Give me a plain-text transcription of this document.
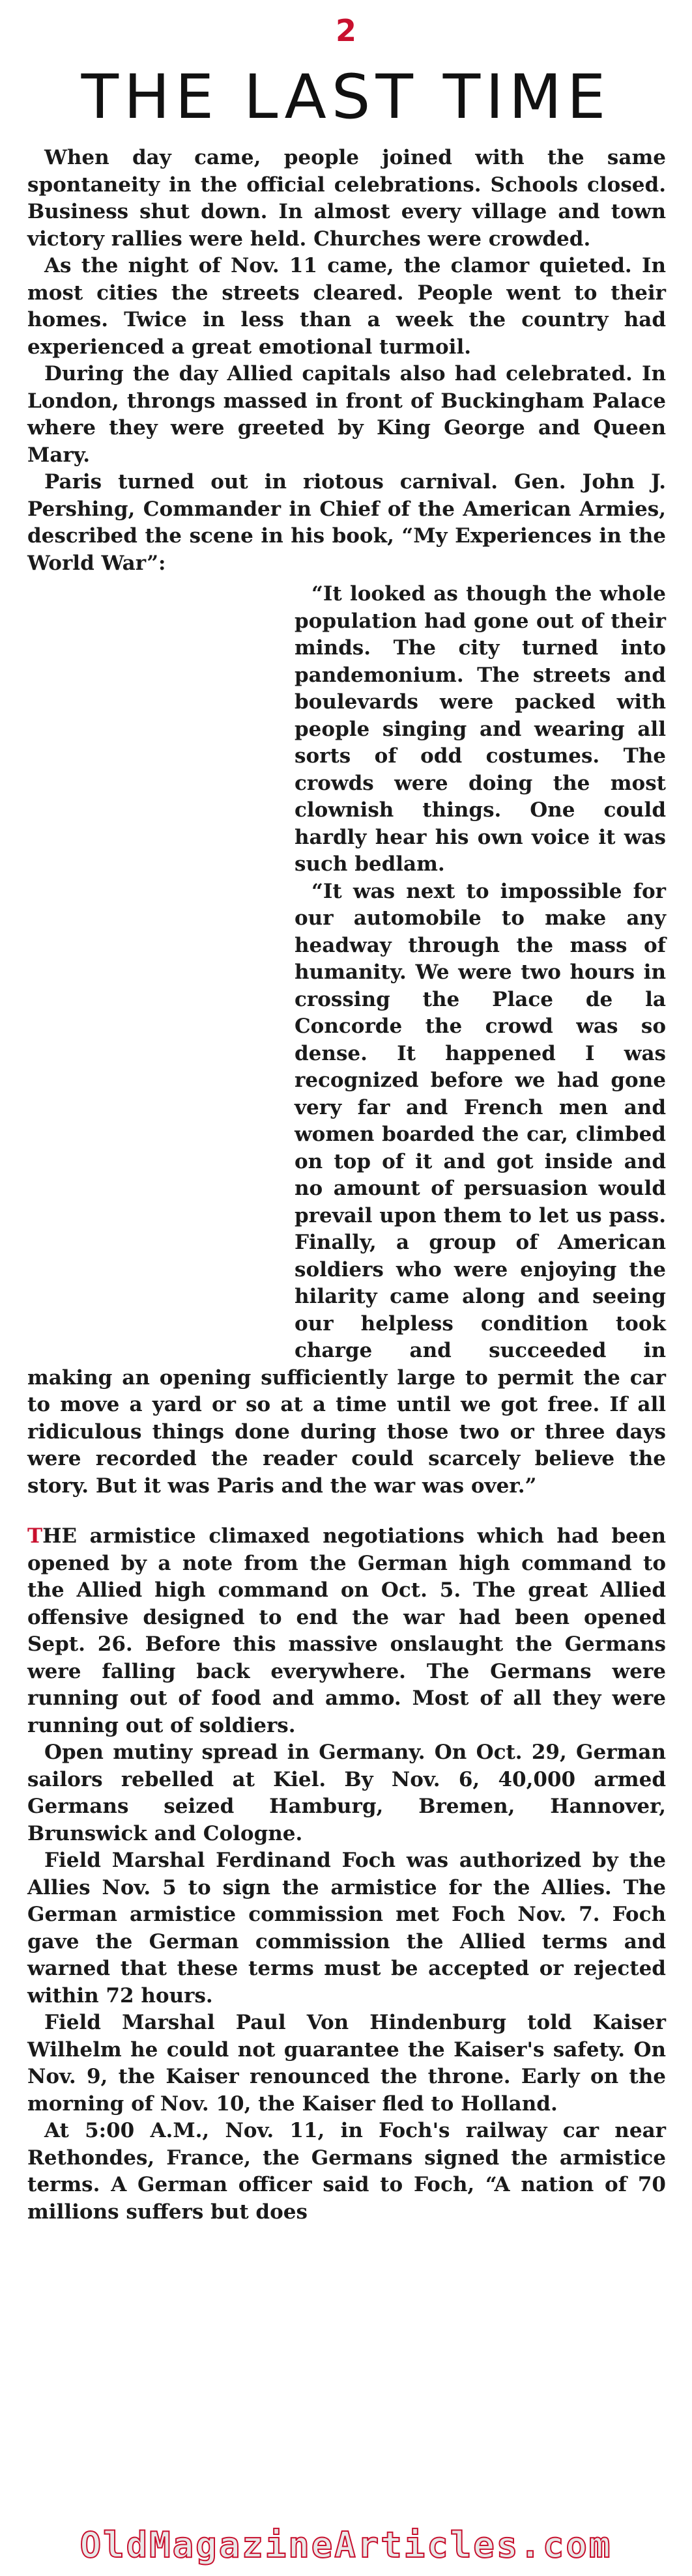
2
THE LAST TIME

When day came, people joined with the same spontaneity in the official celebrations. Schools closed. Business shut down. In almost every village and town victory rallies were held. Churches were crowded.

As the night of Nov. 11 came, the clamor quieted. In most cities the streets cleared. People went to their homes. Twice in less than a week the country had experienced a great emotional turmoil.

During the day Allied capitals also had celebrated. In London, throngs massed in front of Buckingham Palace where they were greeted by King George and Queen Mary.

Paris turned out in riotous carnival. Gen. John J. Pershing, Commander in Chief of the American Armies, described the scene in his book, “My Experiences in the World War”:

“It looked as though the whole population had gone out of their minds. The city turned into pandemonium. The streets and boulevards were packed with people singing and wearing all sorts of odd costumes. The crowds were doing the most clownish things. One could hardly hear his own voice it was such bedlam.

“It was next to impossible for our automobile to make any headway through the mass of humanity. We were two hours in crossing the Place de la Concorde the crowd was so dense. It happened I was recognized before we had gone very far and French men and women boarded the car, climbed on top of it and got inside and no amount of persuasion would prevail upon them to let us pass. Finally, a group of American soldiers who were enjoying the hilarity came along and seeing our helpless condition took charge and succeeded in making an opening sufficiently large to permit the car to move a yard or so at a time until we got free. If all ridiculous things done during those two or three days were recorded the reader could scarcely believe the story. But it was Paris and the war was over.”

THE armistice climaxed negotiations which had been opened by a note from the German high command to the Allied high command on Oct. 5. The great Allied offensive designed to end the war had been opened Sept. 26. Before this massive onslaught the Germans were falling back everywhere. The Germans were running out of food and ammo. Most of all they were running out of soldiers.

Open mutiny spread in Germany. On Oct. 29, German sailors rebelled at Kiel. By Nov. 6, 40,000 armed Germans seized Hamburg, Bremen, Hannover, Brunswick and Cologne.

Field Marshal Ferdinand Foch was authorized by the Allies Nov. 5 to sign the armistice for the Allies. The German armistice commission met Foch Nov. 7. Foch gave the German commission the Allied terms and warned that these terms must be accepted or rejected within 72 hours.

Field Marshal Paul Von Hindenburg told Kaiser Wilhelm he could not guarantee the Kaiser's safety. On Nov. 9, the Kaiser renounced the throne. Early on the morning of Nov. 10, the Kaiser fled to Holland.

At 5:00 A.M., Nov. 11, in Foch's railway car near Rethondes, France, the Germans signed the armistice terms. A German officer said to Foch, “A nation of 70 millions suffers but does

OldMagazineArticles.com
